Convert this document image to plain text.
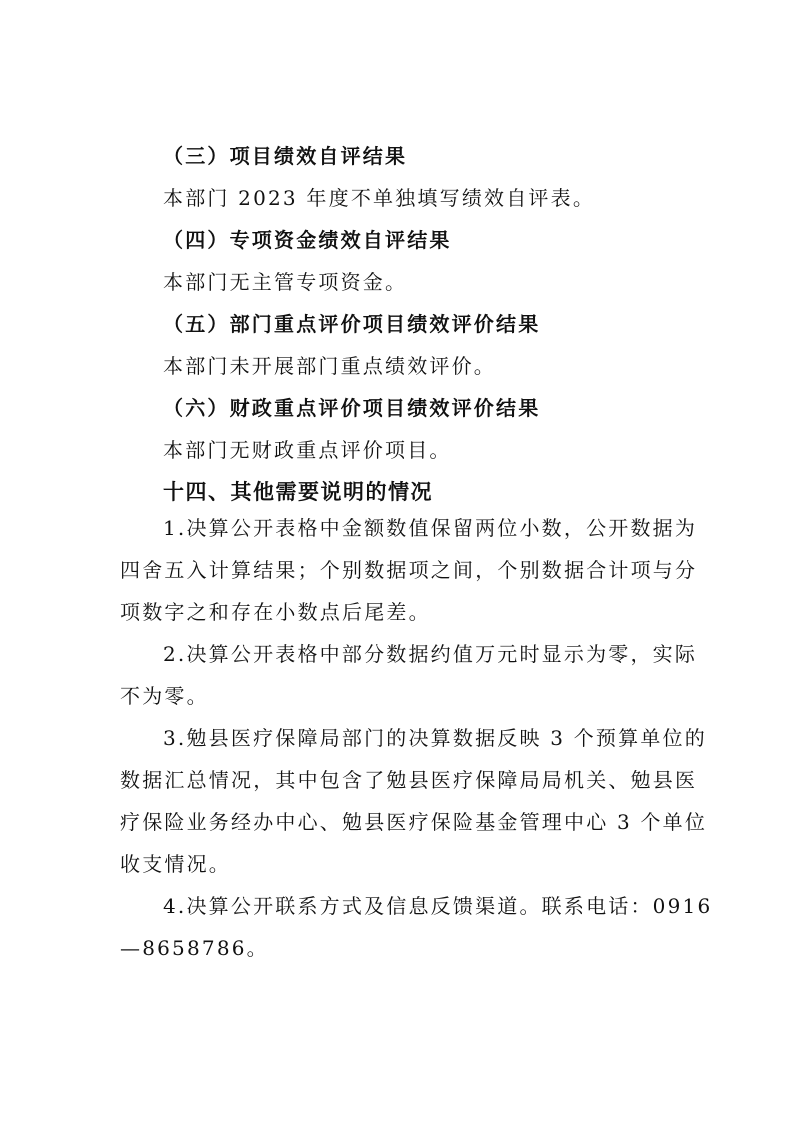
（三）项目绩效自评结果
本部门 2023 年度不单独填写绩效自评表。
（四）专项资金绩效自评结果
本部门无主管专项资金。
（五）部门重点评价项目绩效评价结果
本部门未开展部门重点绩效评价。
（六）财政重点评价项目绩效评价结果
本部门无财政重点评价项目。
十四、其他需要说明的情况
1.决算公开表格中金额数值保留两位小数，公开数据为
四舍五入计算结果；个别数据项之间，个别数据合计项与分
项数字之和存在小数点后尾差。
2.决算公开表格中部分数据约值万元时显示为零，实际
不为零。
3.勉县医疗保障局部门的决算数据反映 3 个预算单位的
数据汇总情况，其中包含了勉县医疗保障局局机关、勉县医
疗保险业务经办中心、勉县医疗保险基金管理中心 3 个单位
收支情况。
4.决算公开联系方式及信息反馈渠道。联系电话：0916
—8658786。
